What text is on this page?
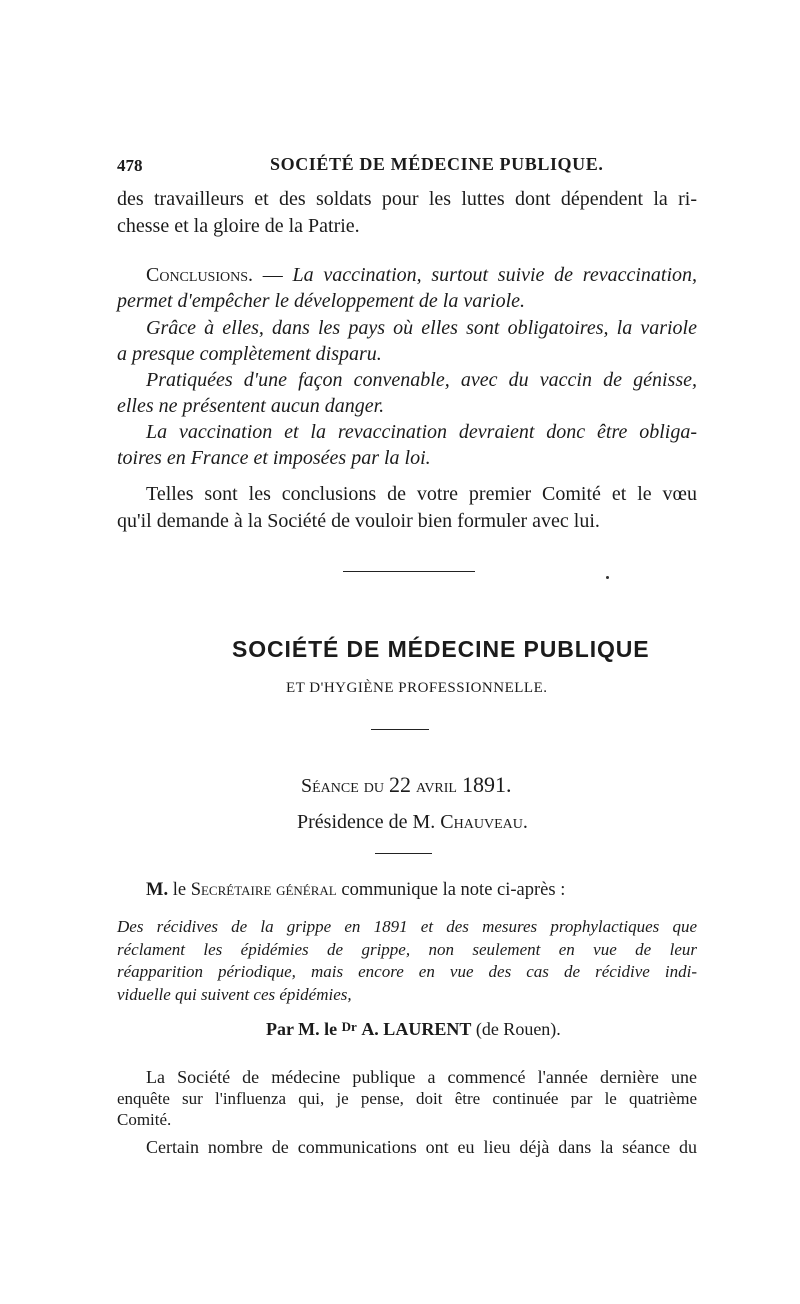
478	SOCIÉTÉ DE MÉDECINE PUBLIQUE.
des travailleurs et des soldats pour les luttes dont dépendent la ri-
chesse et la gloire de la Patrie.
Conclusions. — La vaccination, surtout suivie de revaccination,
permet d'empêcher le développement de la variole.
Grâce à elles, dans les pays où elles sont obligatoires, la variole
a presque complètement disparu.
Pratiquées d'une façon convenable, avec du vaccin de génisse,
elles ne présentent aucun danger.
La vaccination et la revaccination devraient donc être obliga-
toires en France et imposées par la loi.
Telles sont les conclusions de votre premier Comité et le vœu
qu'il demande à la Société de vouloir bien formuler avec lui.
SOCIÉTÉ DE MÉDECINE PUBLIQUE
ET D'HYGIÈNE PROFESSIONNELLE.
Séance du 22 avril 1891.
Présidence de M. Chauveau.
M. le Secrétaire général communique la note ci-après :
Des récidives de la grippe en 1891 et des mesures prophylactiques que
réclament les épidémies de grippe, non seulement en vue de leur
réapparition périodique, mais encore en vue des cas de récidive indi-
viduelle qui suivent ces épidémies,
Par M. le $^{Dr}$ A. LAURENT (de Rouen).
La Société de médecine publique a commencé l'année dernière une
enquête sur l'influenza qui, je pense, doit être continuée par le quatrième
Comité.
Certain nombre de communications ont eu lieu déjà dans la séance du
